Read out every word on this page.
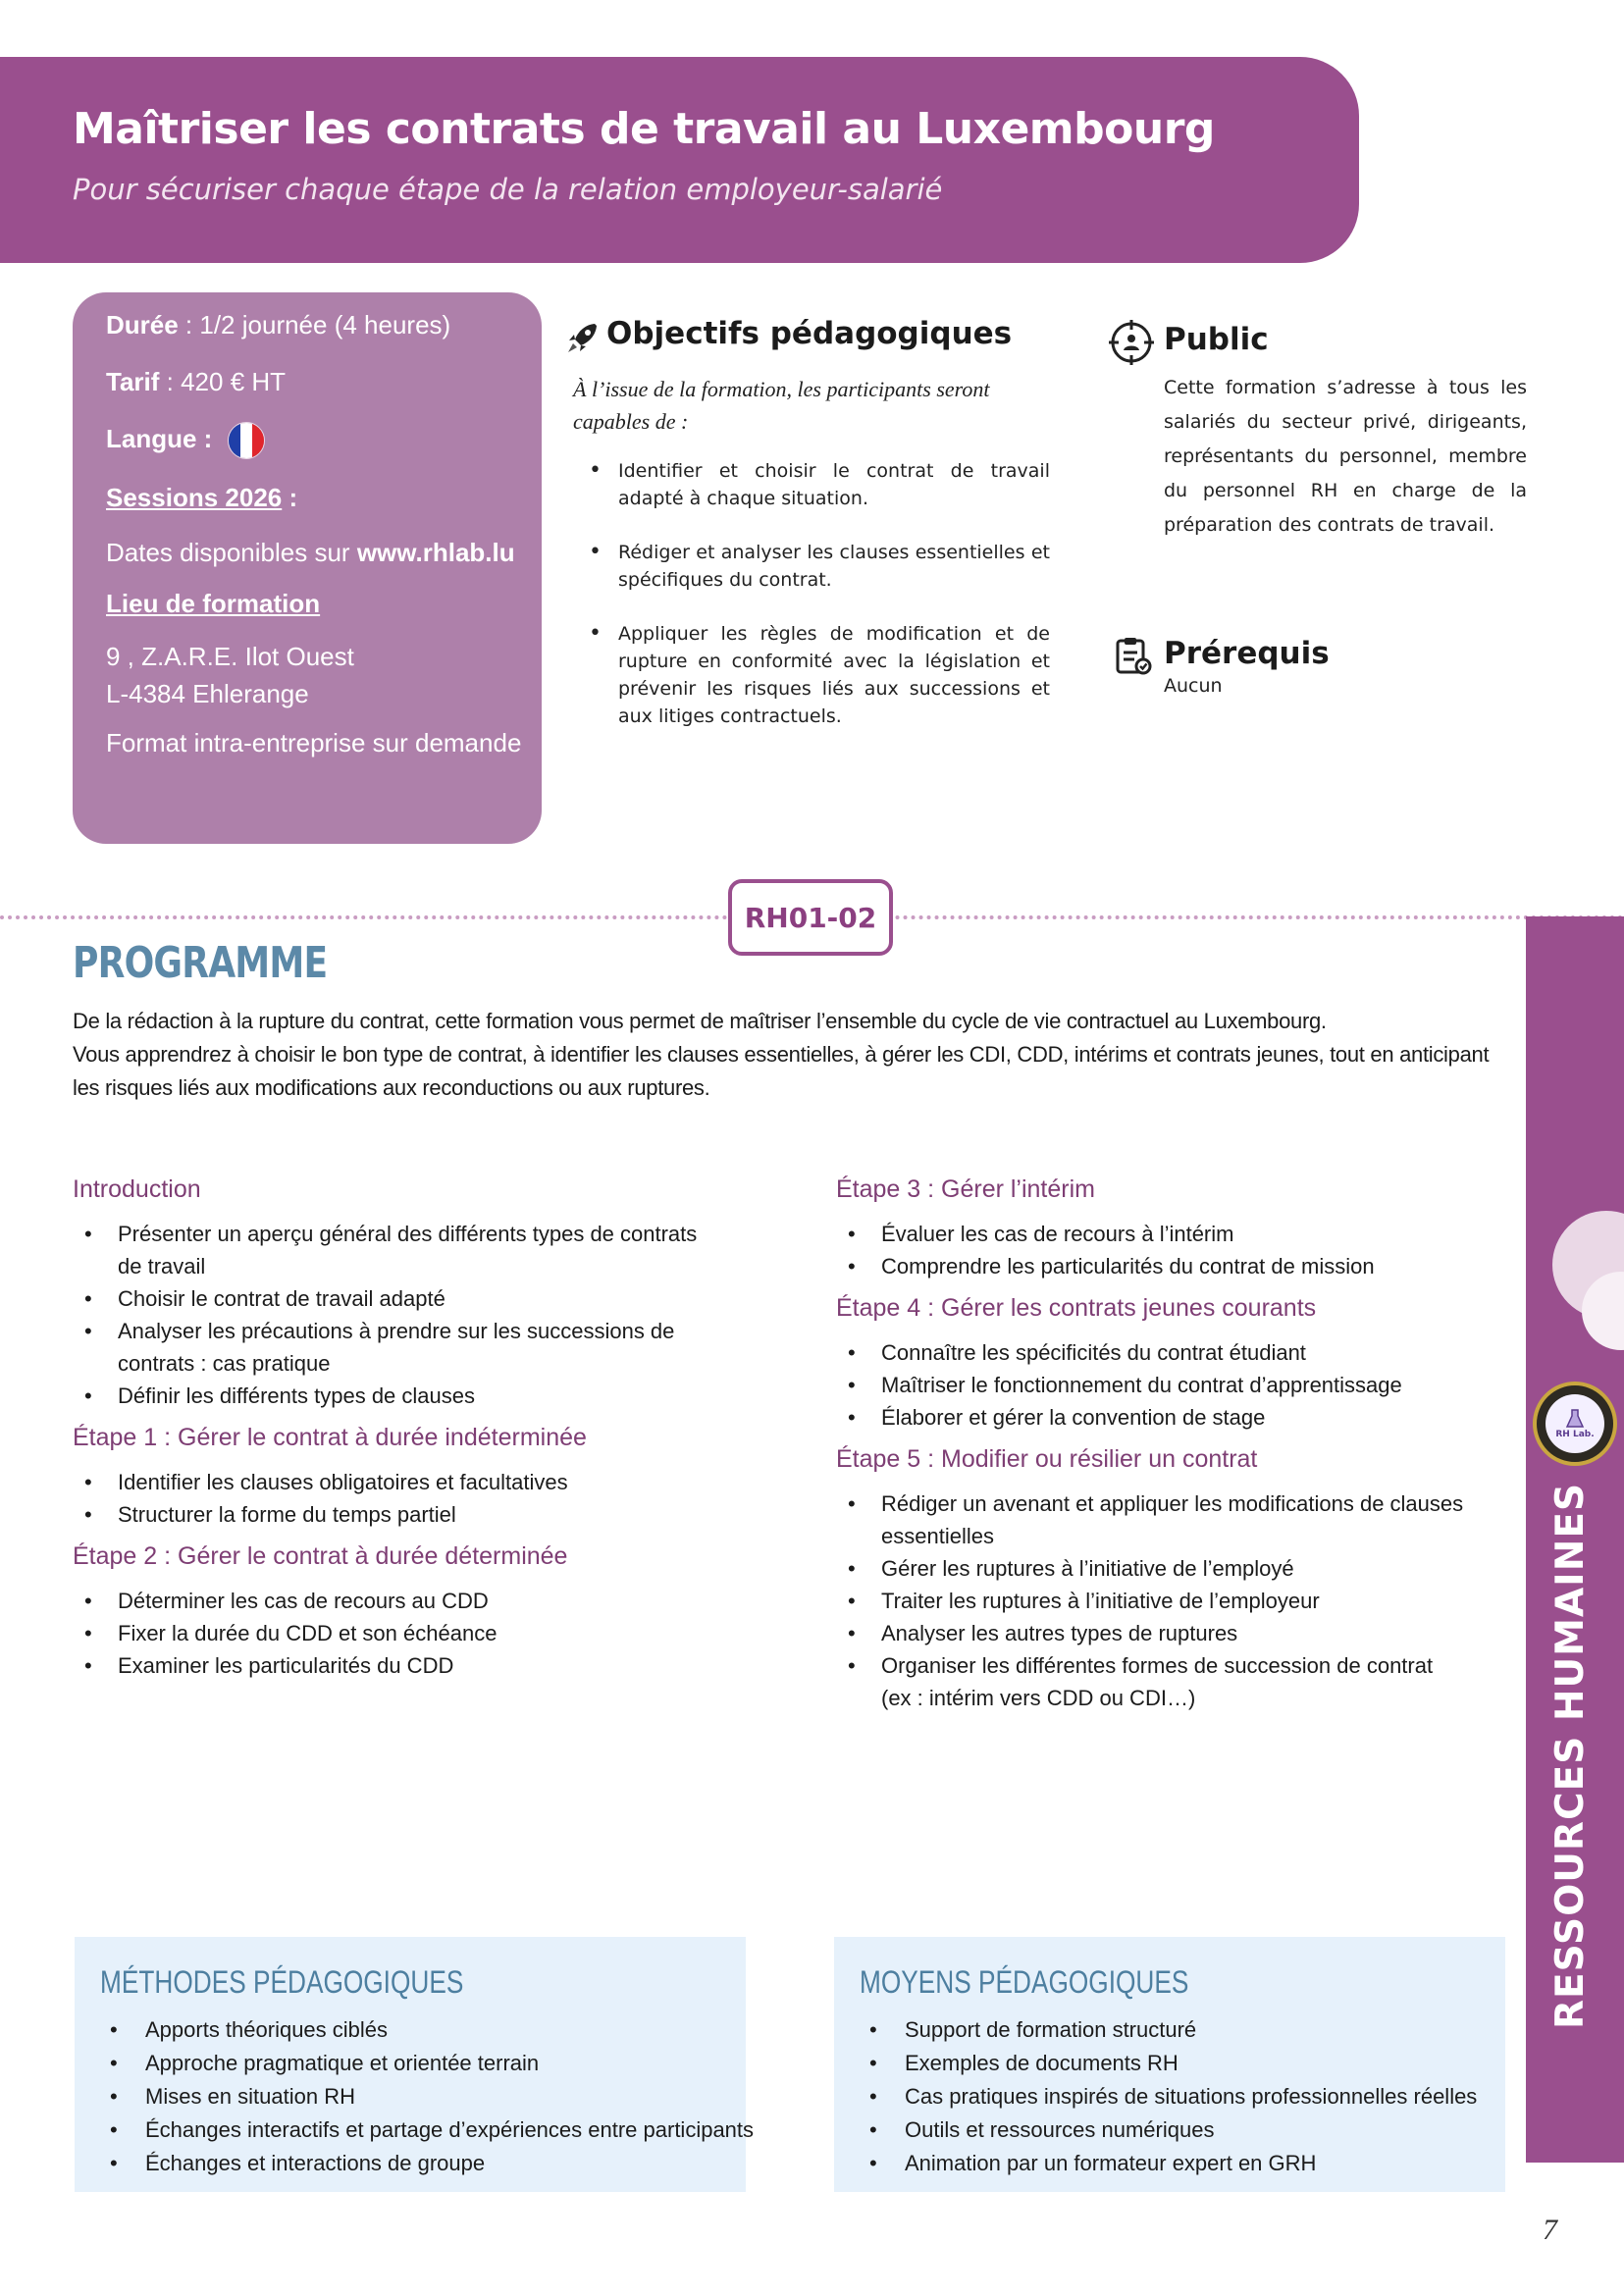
Maîtriser les contrats de travail au Luxembourg
Pour sécuriser chaque étape de la relation employeur-salarié
Durée : 1/2 journée (4 heures)
Tarif : 420 € HT
Langue :
Sessions 2026 :
Dates disponibles sur www.rhlab.lu
Lieu de formation
9 , Z.A.R.E. Ilot Ouest
L-4384 Ehlerange
Format intra-entreprise sur demande
Objectifs pédagogiques
À l’issue de la formation, les participants seront capables de :
• Identifier et choisir le contrat de travail adapté à chaque situation.
• Rédiger et analyser les clauses essentielles et spécifiques du contrat.
• Appliquer les règles de modification et de rupture en conformité avec la législation et prévenir les risques liés aux successions et aux litiges contractuels.
Public
Cette formation s’adresse à tous les salariés du secteur privé, dirigeants, représentants du personnel, membre du personnel RH en charge de la préparation des contrats de travail.
Prérequis
Aucun
RH01-02
RH Lab.
RESSOURCES HUMAINES
PROGRAMME
De la rédaction à la rupture du contrat, cette formation vous permet de maîtriser l’ensemble du cycle de vie contractuel au Luxembourg.
Vous apprendrez à choisir le bon type de contrat, à identifier les clauses essentielles, à gérer les CDI, CDD, intérims et contrats jeunes, tout en anticipant les risques liés aux modifications aux reconductions ou aux ruptures.
Introduction
• Présenter un aperçu général des différents types de contrats de travail
• Choisir le contrat de travail adapté
• Analyser les précautions à prendre sur les successions de contrats : cas pratique
• Définir les différents types de clauses
Étape 1 : Gérer le contrat à durée indéterminée
• Identifier les clauses obligatoires et facultatives
• Structurer la forme du temps partiel
Étape 2 : Gérer le contrat à durée déterminée
• Déterminer les cas de recours au CDD
• Fixer la durée du CDD et son échéance
• Examiner les particularités du CDD
Étape 3 : Gérer l’intérim
• Évaluer les cas de recours à l’intérim
• Comprendre les particularités du contrat de mission
Étape 4 : Gérer les contrats jeunes courants
• Connaître les spécificités du contrat étudiant
• Maîtriser le fonctionnement du contrat d’apprentissage
• Élaborer et gérer la convention de stage
Étape 5 : Modifier ou résilier un contrat
• Rédiger un avenant et appliquer les modifications de clauses essentielles
• Gérer les ruptures à l’initiative de l’employé
• Traiter les ruptures à l’initiative de l’employeur
• Analyser les autres types de ruptures
• Organiser les différentes formes de succession de contrat (ex : intérim vers CDD ou CDI…)
MÉTHODES PÉDAGOGIQUES
• Apports théoriques ciblés
• Approche pragmatique et orientée terrain
• Mises en situation RH
• Échanges interactifs et partage d’expériences entre participants
• Échanges et interactions de groupe
MOYENS PÉDAGOGIQUES
• Support de formation structuré
• Exemples de documents RH
• Cas pratiques inspirés de situations professionnelles réelles
• Outils et ressources numériques
• Animation par un formateur expert en GRH
7
